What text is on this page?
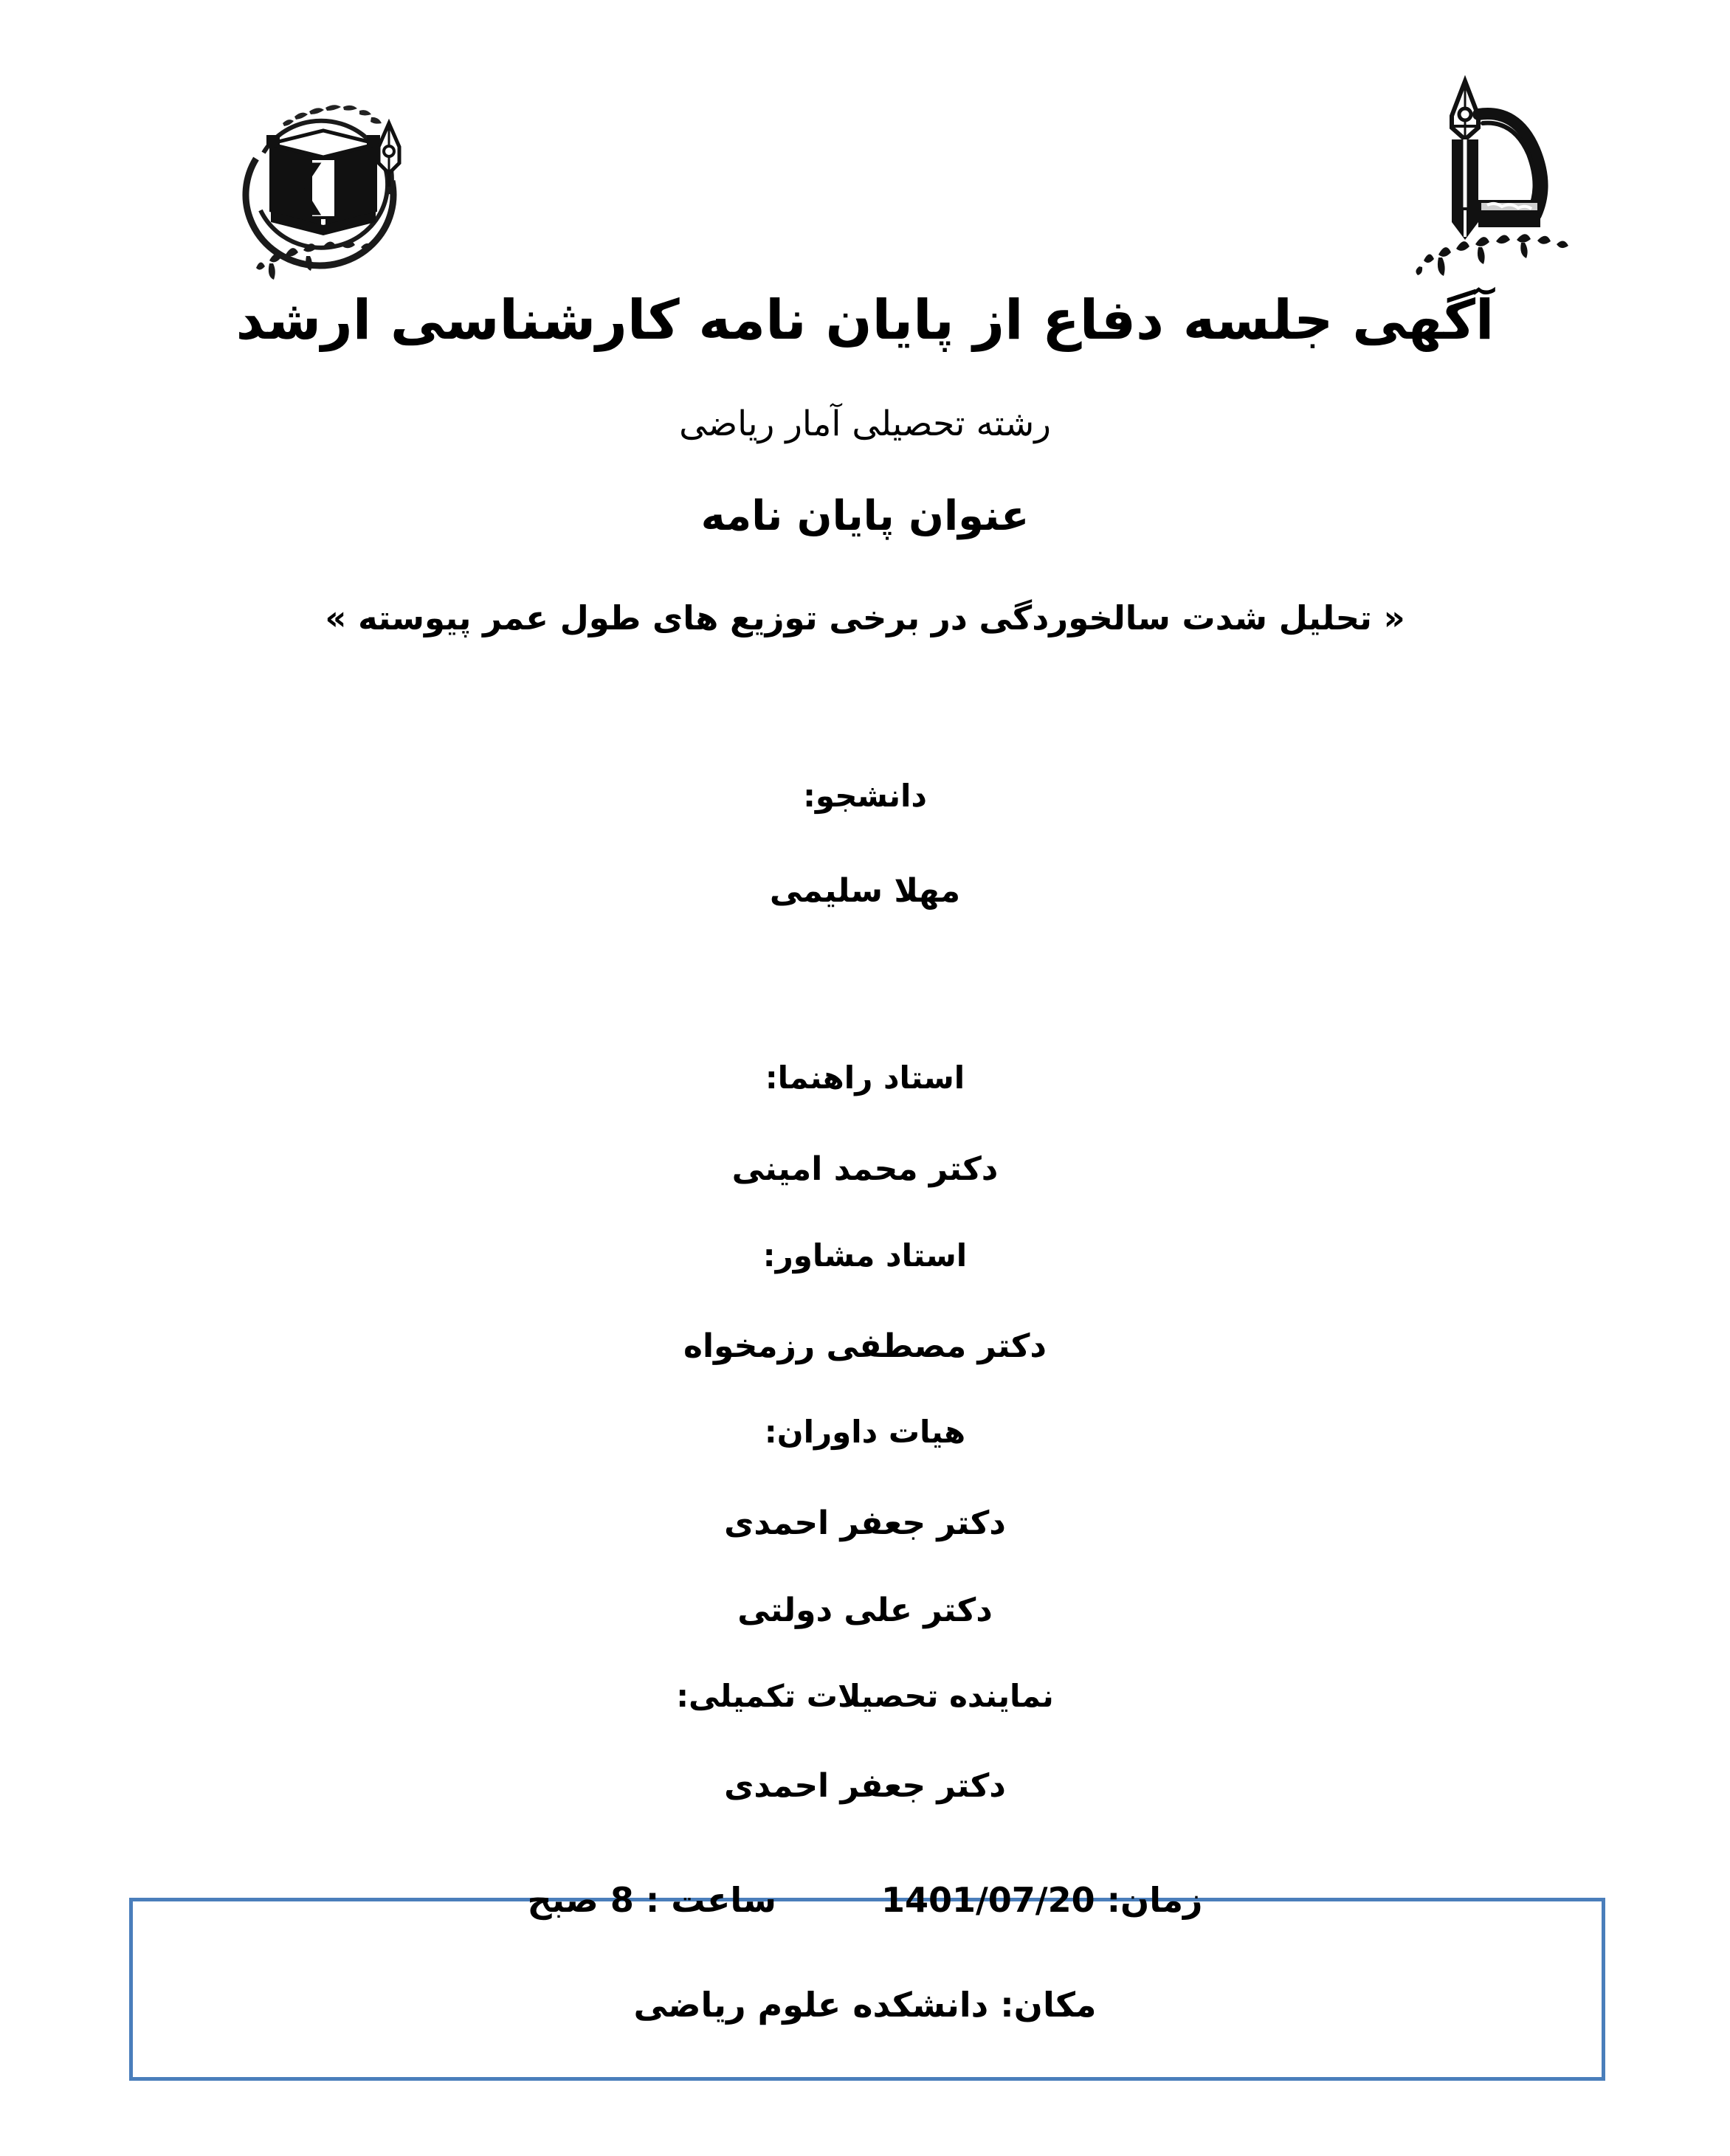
آگهی جلسه دفاع از پایان نامه کارشناسی ارشد
رشته تحصیلی آمار ریاضی
عنوان پایان نامه
« تحلیل شدت سالخوردگی در برخی توزیع های طول عمر پیوسته »
دانشجو:
مهلا سلیمی
استاد راهنما:
دکتر محمد امینی
استاد مشاور:
دکتر مصطفی رزمخواه
هیات داوران:
دکتر جعفر احمدی
دکتر علی دولتی
نماینده تحصیلات تکمیلی:
دکتر جعفر احمدی
زمان: 1401/07/20  ساعت : 8 صبح
مکان: دانشکده علوم ریاضی
